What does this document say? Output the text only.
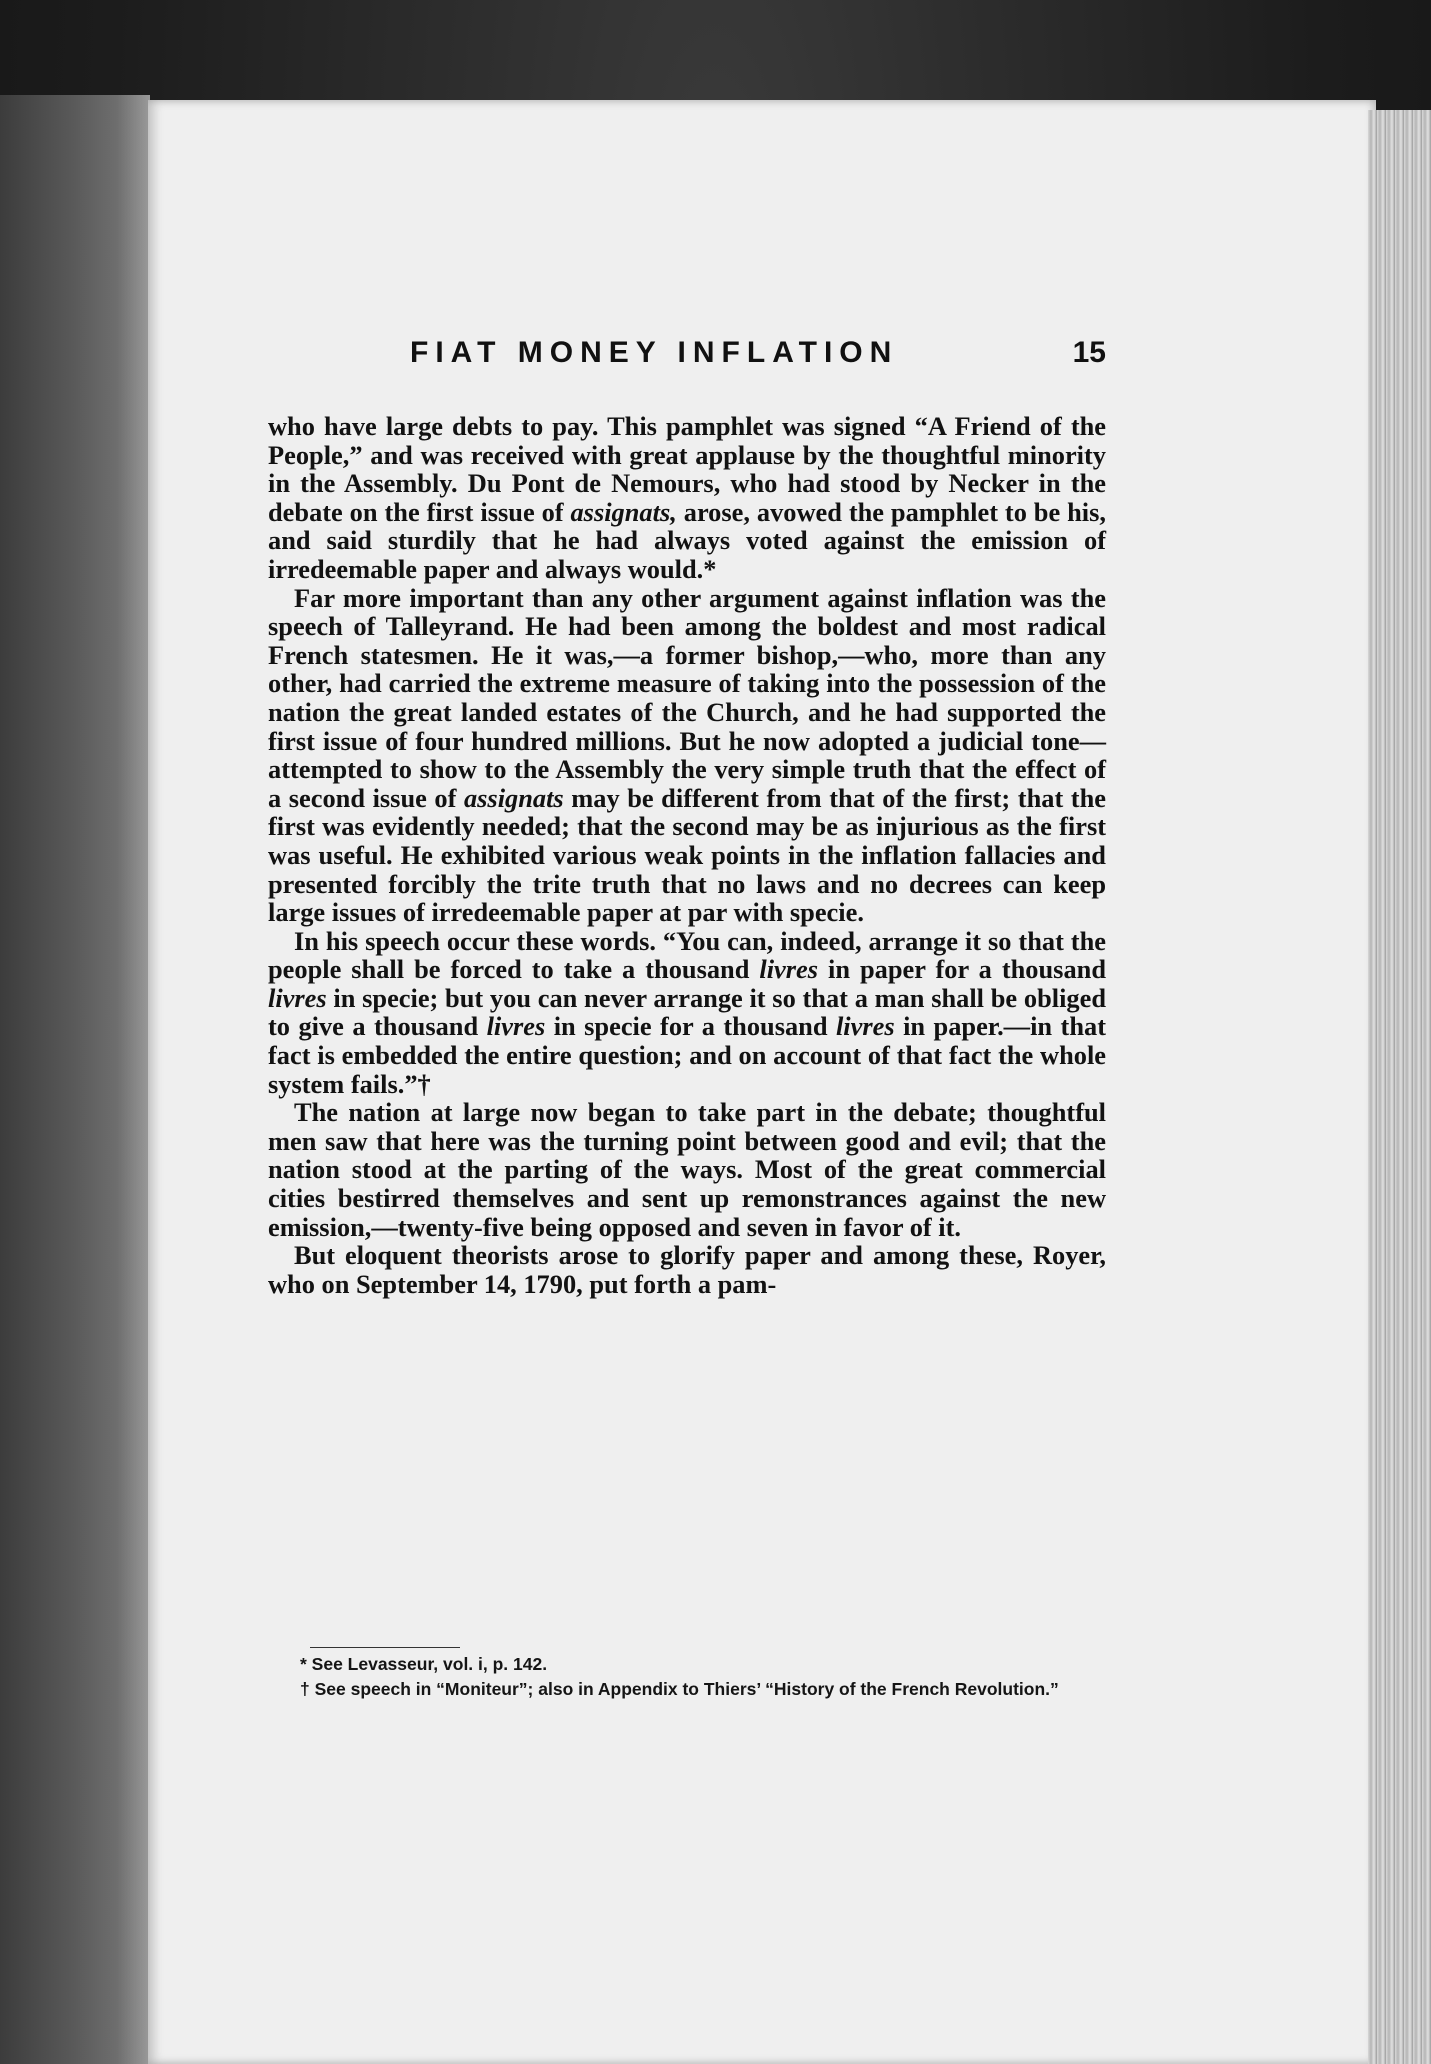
FIAT MONEY INFLATION	15

who have large debts to pay. This pamphlet was signed “A Friend of the People,” and was received with great applause by the thoughtful minority in the Assembly. Du Pont de Nemours, who had stood by Necker in the debate on the first issue of assignats, arose, avowed the pamphlet to be his, and said sturdily that he had always voted against the emission of irredeemable paper and always would.*

Far more important than any other argument against inflation was the speech of Talleyrand. He had been among the boldest and most radical French statesmen. He it was,—a former bishop,—who, more than any other, had carried the extreme measure of taking into the possession of the nation the great landed estates of the Church, and he had supported the first issue of four hundred millions. But he now adopted a judicial tone—attempted to show to the Assembly the very simple truth that the effect of a second issue of assignats may be different from that of the first; that the first was evidently needed; that the second may be as injurious as the first was useful. He exhibited various weak points in the inflation fallacies and presented forcibly the trite truth that no laws and no decrees can keep large issues of irredeemable paper at par with specie.

In his speech occur these words. “You can, indeed, arrange it so that the people shall be forced to take a thousand livres in paper for a thousand livres in specie; but you can never arrange it so that a man shall be obliged to give a thousand livres in specie for a thousand livres in paper.—in that fact is embedded the entire question; and on account of that fact the whole system fails.”†

The nation at large now began to take part in the debate; thoughtful men saw that here was the turning point between good and evil; that the nation stood at the parting of the ways. Most of the great commercial cities bestirred themselves and sent up remonstrances against the new emission,—twenty-five being opposed and seven in favor of it.

But eloquent theorists arose to glorify paper and among these, Royer, who on September 14, 1790, put forth a pam-

* See Levasseur, vol. i, p. 142.

† See speech in “Moniteur”; also in Appendix to Thiers’ “History of the French Revolution.”
